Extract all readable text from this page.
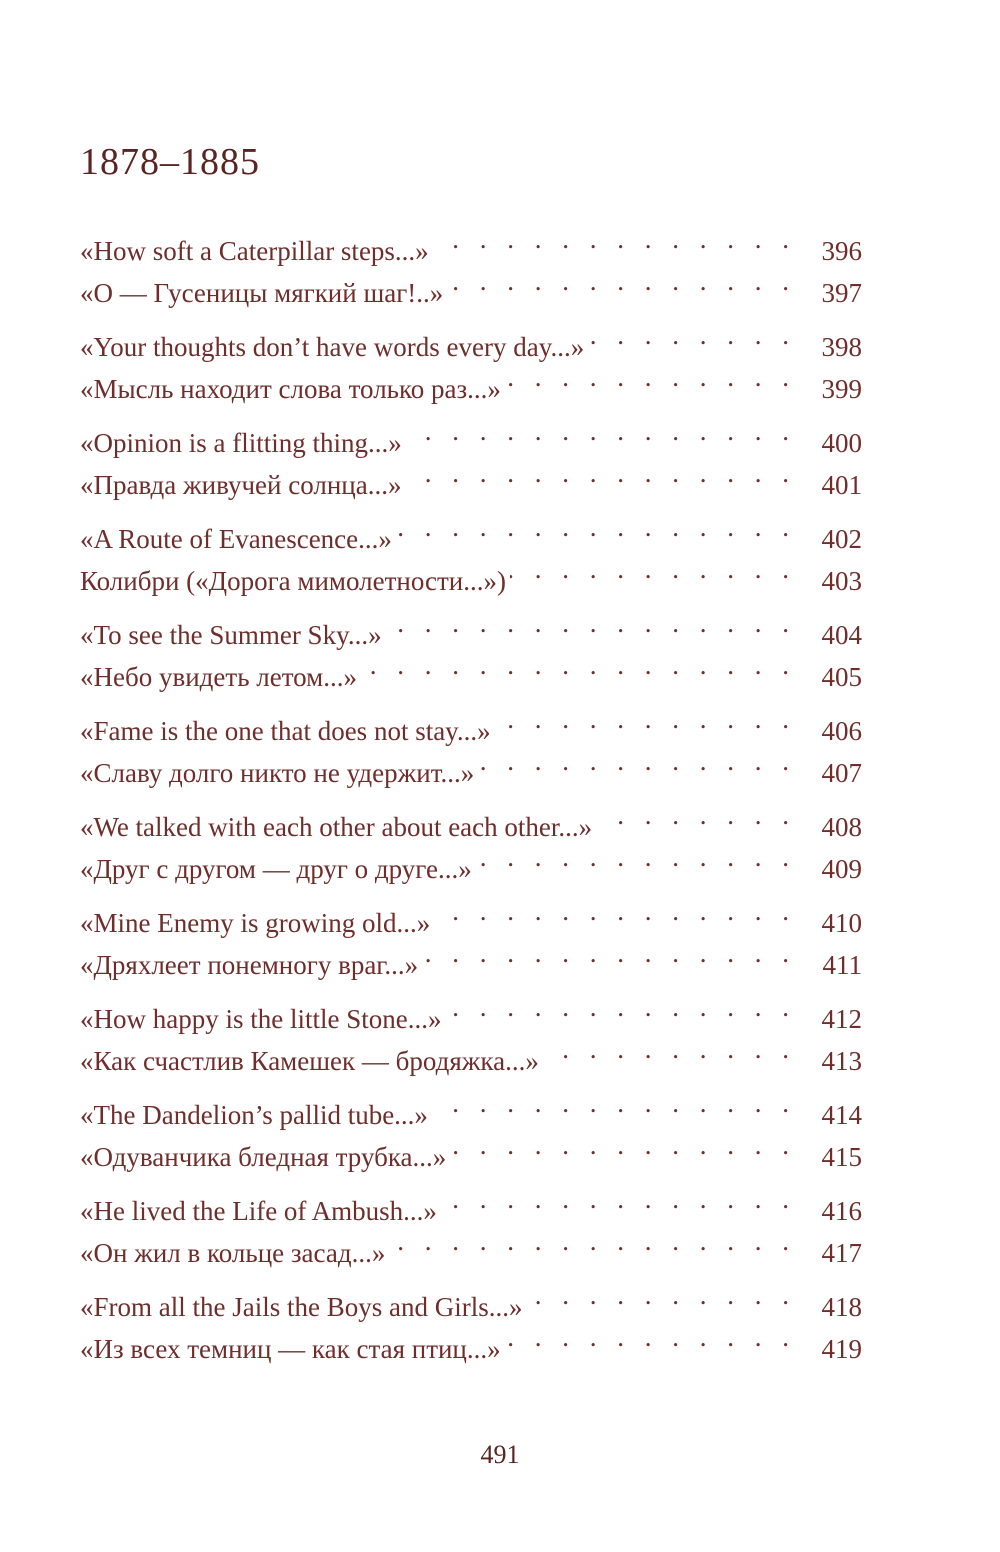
1878–1885
«How soft a Caterpillar steps...» . . .	396
«О — Гусеницы мягкий шаг!..» . . .	397
«Your thoughts don’t have words every day...» . . .	398
«Мысль находит слова только раз...» . . .	399
«Opinion is a flitting thing...» . . .	400
«Правда живучей солнца...» . . .	401
«A Route of Evanescence...» . . .	402
Колибри («Дорога мимолетности...») . . .	403
«To see the Summer Sky...» . . .	404
«Небо увидеть летом...» . . .	405
«Fame is the one that does not stay...» . . .	406
«Славу долго никто не удержит...» . . .	407
«We talked with each other about each other...» . . .	408
«Друг с другом — друг о друге...» . . .	409
«Mine Enemy is growing old...» . . .	410
«Дряхлеет понемногу враг...» . . .	411
«How happy is the little Stone...» . . .	412
«Как счастлив Камешек — бродяжка...» . . .	413
«The Dandelion’s pallid tube...» . . .	414
«Одуванчика бледная трубка...» . . .	415
«He lived the Life of Ambush...» . . .	416
«Он жил в кольце засад...» . . .	417
«From all the Jails the Boys and Girls...» . . .	418
«Из всех темниц — как стая птиц...» . . .	419
491
